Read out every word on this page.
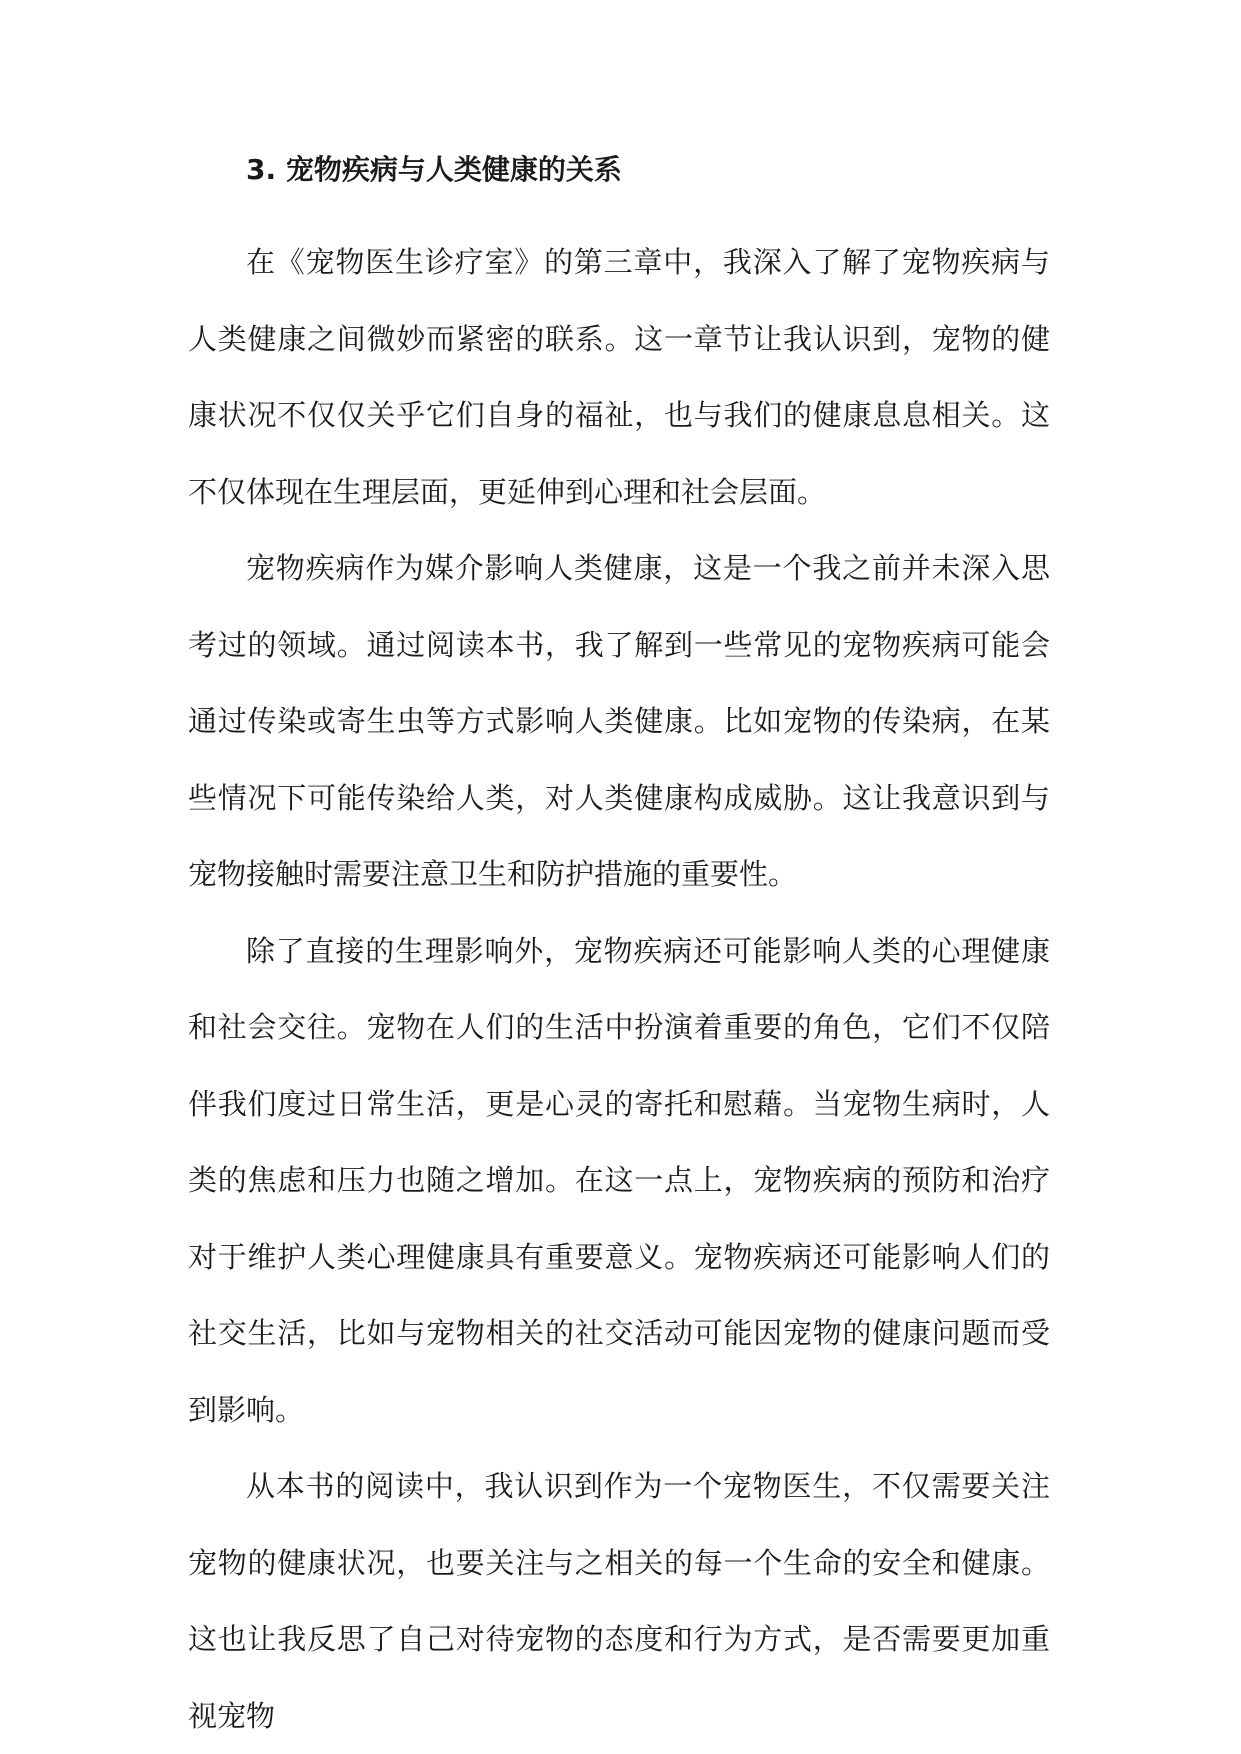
3. 宠物疾病与人类健康的关系

在《宠物医生诊疗室》的第三章中，我深入了解了宠物疾病与人类健康之间微妙而紧密的联系。这一章节让我认识到，宠物的健康状况不仅仅关乎它们自身的福祉，也与我们的健康息息相关。这不仅体现在生理层面，更延伸到心理和社会层面。

宠物疾病作为媒介影响人类健康，这是一个我之前并未深入思考过的领域。通过阅读本书，我了解到一些常见的宠物疾病可能会通过传染或寄生虫等方式影响人类健康。比如宠物的传染病，在某些情况下可能传染给人类，对人类健康构成威胁。这让我意识到与宠物接触时需要注意卫生和防护措施的重要性。

除了直接的生理影响外，宠物疾病还可能影响人类的心理健康和社会交往。宠物在人们的生活中扮演着重要的角色，它们不仅陪伴我们度过日常生活，更是心灵的寄托和慰藉。当宠物生病时，人类的焦虑和压力也随之增加。在这一点上，宠物疾病的预防和治疗对于维护人类心理健康具有重要意义。宠物疾病还可能影响人们的社交生活，比如与宠物相关的社交活动可能因宠物的健康问题而受到影响。

从本书的阅读中，我认识到作为一个宠物医生，不仅需要关注宠物的健康状况，也要关注与之相关的每一个生命的安全和健康。这也让我反思了自己对待宠物的态度和行为方式，是否需要更加重视宠物
